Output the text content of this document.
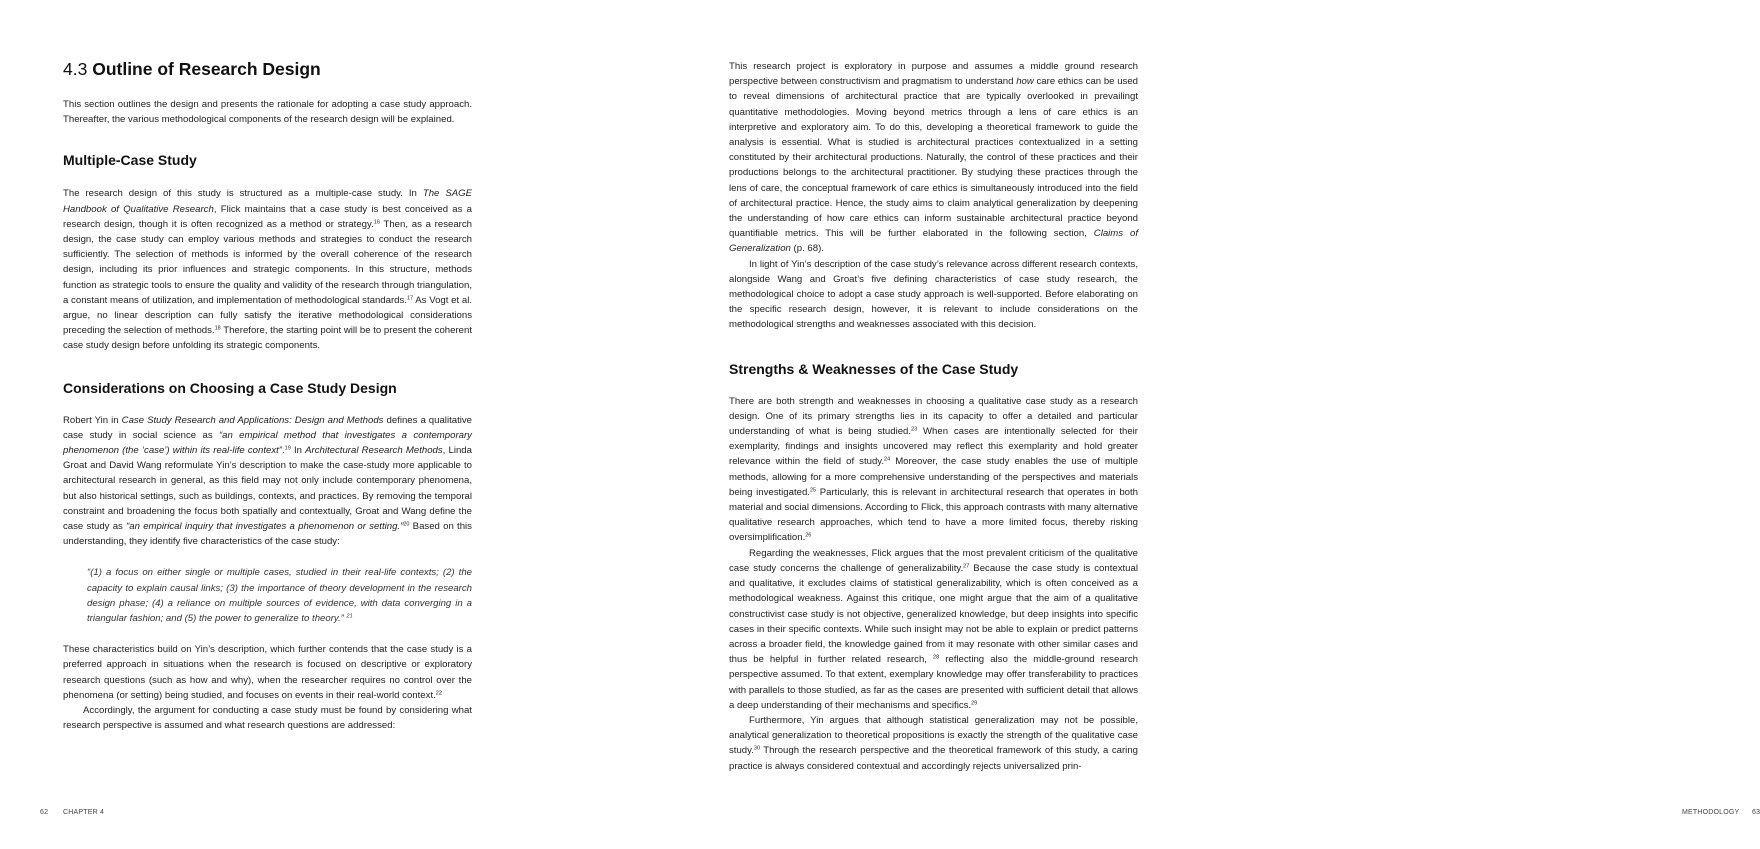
4.3 Outline of Research Design

This section outlines the design and presents the rationale for adopting a case study approach. Thereafter, the various methodological components of the research design will be explained.

Multiple-Case Study

The research design of this study is structured as a multiple-case study. In The SAGE Handbook of Qualitative Research, Flick maintains that a case study is best conceived as a research design, though it is often recognized as a method or strategy.$^{16}$ Then, as a research design, the case study can employ various methods and strategies to conduct the research sufficiently. The selection of methods is informed by the overall coherence of the research design, including its prior influences and strategic components. In this structure, methods function as strategic tools to ensure the quality and validity of the research through triangulation, a constant means of utilization, and implementation of methodological standards.$^{17}$ As Vogt et al. argue, no linear description can fully satisfy the iterative methodological considerations preceding the selection of methods.$^{18}$ Therefore, the starting point will be to present the coherent case study design before unfolding its strategic components.

Considerations on Choosing a Case Study Design

Robert Yin in Case Study Research and Applications: Design and Methods defines a qualitative case study in social science as “an empirical method that investigates a contemporary phenomenon (the ‘case’) within its real-life context”.$^{19}$ In Architectural Research Methods, Linda Groat and David Wang reformulate Yin’s description to make the case-study more applicable to architectural research in general, as this field may not only include contemporary phenomena, but also historical settings, such as buildings, contexts, and practices. By removing the temporal constraint and broadening the focus both spatially and contextually, Groat and Wang define the case study as “an empirical inquiry that investigates a phenomenon or setting.”$^{20}$ Based on this understanding, they identify five characteristics of the case study:

“(1) a focus on either single or multiple cases, studied in their real-life contexts; (2) the capacity to explain causal links; (3) the importance of theory development in the research design phase; (4) a reliance on multiple sources of evidence, with data converging in a triangular fashion; and (5) the power to generalize to theory.” $^{21}$

These characteristics build on Yin’s description, which further contends that the case study is a preferred approach in situations when the research is focused on descriptive or exploratory research questions (such as how and why), when the researcher requires no control over the phenomena (or setting) being studied, and focuses on events in their real-world context.$^{22}$

Accordingly, the argument for conducting a case study must be found by considering what research perspective is assumed and what research questions are addressed:

62 CHAPTER 4

This research project is exploratory in purpose and assumes a middle ground research perspective between constructivism and pragmatism to understand how care ethics can be used to reveal dimensions of architectural practice that are typically overlooked in prevailingt quantitative methodologies. Moving beyond metrics through a lens of care ethics is an interpretive and exploratory aim. To do this, developing a theoretical framework to guide the analysis is essential. What is studied is architectural practices contextualized in a setting constituted by their architectural productions. Naturally, the control of these practices and their productions belongs to the architectural practitioner. By studying these practices through the lens of care, the conceptual framework of care ethics is simultaneously introduced into the field of architectural practice. Hence, the study aims to claim analytical generalization by deepening the understanding of how care ethics can inform sustainable architectural practice beyond quantifiable metrics. This will be further elaborated in the following section, Claims of Generalization (p. 68).

In light of Yin’s description of the case study’s relevance across different research contexts, alongside Wang and Groat’s five defining characteristics of case study research, the methodological choice to adopt a case study approach is well-supported. Before elaborating on the specific research design, however, it is relevant to include considerations on the methodological strengths and weaknesses associated with this decision.

Strengths & Weaknesses of the Case Study

There are both strength and weaknesses in choosing a qualitative case study as a research design. One of its primary strengths lies in its capacity to offer a detailed and particular understanding of what is being studied.$^{23}$ When cases are intentionally selected for their exemplarity, findings and insights uncovered may reflect this exemplarity and hold greater relevance within the field of study.$^{24}$ Moreover, the case study enables the use of multiple methods, allowing for a more comprehensive understanding of the perspectives and materials being investigated.$^{25}$ Particularly, this is relevant in architectural research that operates in both material and social dimensions. According to Flick, this approach contrasts with many alternative qualitative research approaches, which tend to have a more limited focus, thereby risking oversimplification.$^{26}$

Regarding the weaknesses, Flick argues that the most prevalent criticism of the qualitative case study concerns the challenge of generalizability.$^{27}$ Because the case study is contextual and qualitative, it excludes claims of statistical generalizability, which is often conceived as a methodological weakness. Against this critique, one might argue that the aim of a qualitative constructivist case study is not objective, generalized knowledge, but deep insights into specific cases in their specific contexts. While such insight may not be able to explain or predict patterns across a broader field, the knowledge gained from it may resonate with other similar cases and thus be helpful in further related research, $^{28}$ reflecting also the middle-ground research perspective assumed. To that extent, exemplary knowledge may offer transferability to practices with parallels to those studied, as far as the cases are presented with sufficient detail that allows a deep understanding of their mechanisms and specifics.$^{29}$

Furthermore, Yin argues that although statistical generalization may not be possible, analytical generalization to theoretical propositions is exactly the strength of the qualitative case study.$^{30}$ Through the research perspective and the theoretical framework of this study, a caring practice is always considered contextual and accordingly rejects universalized prin-

METHODOLOGY 63
